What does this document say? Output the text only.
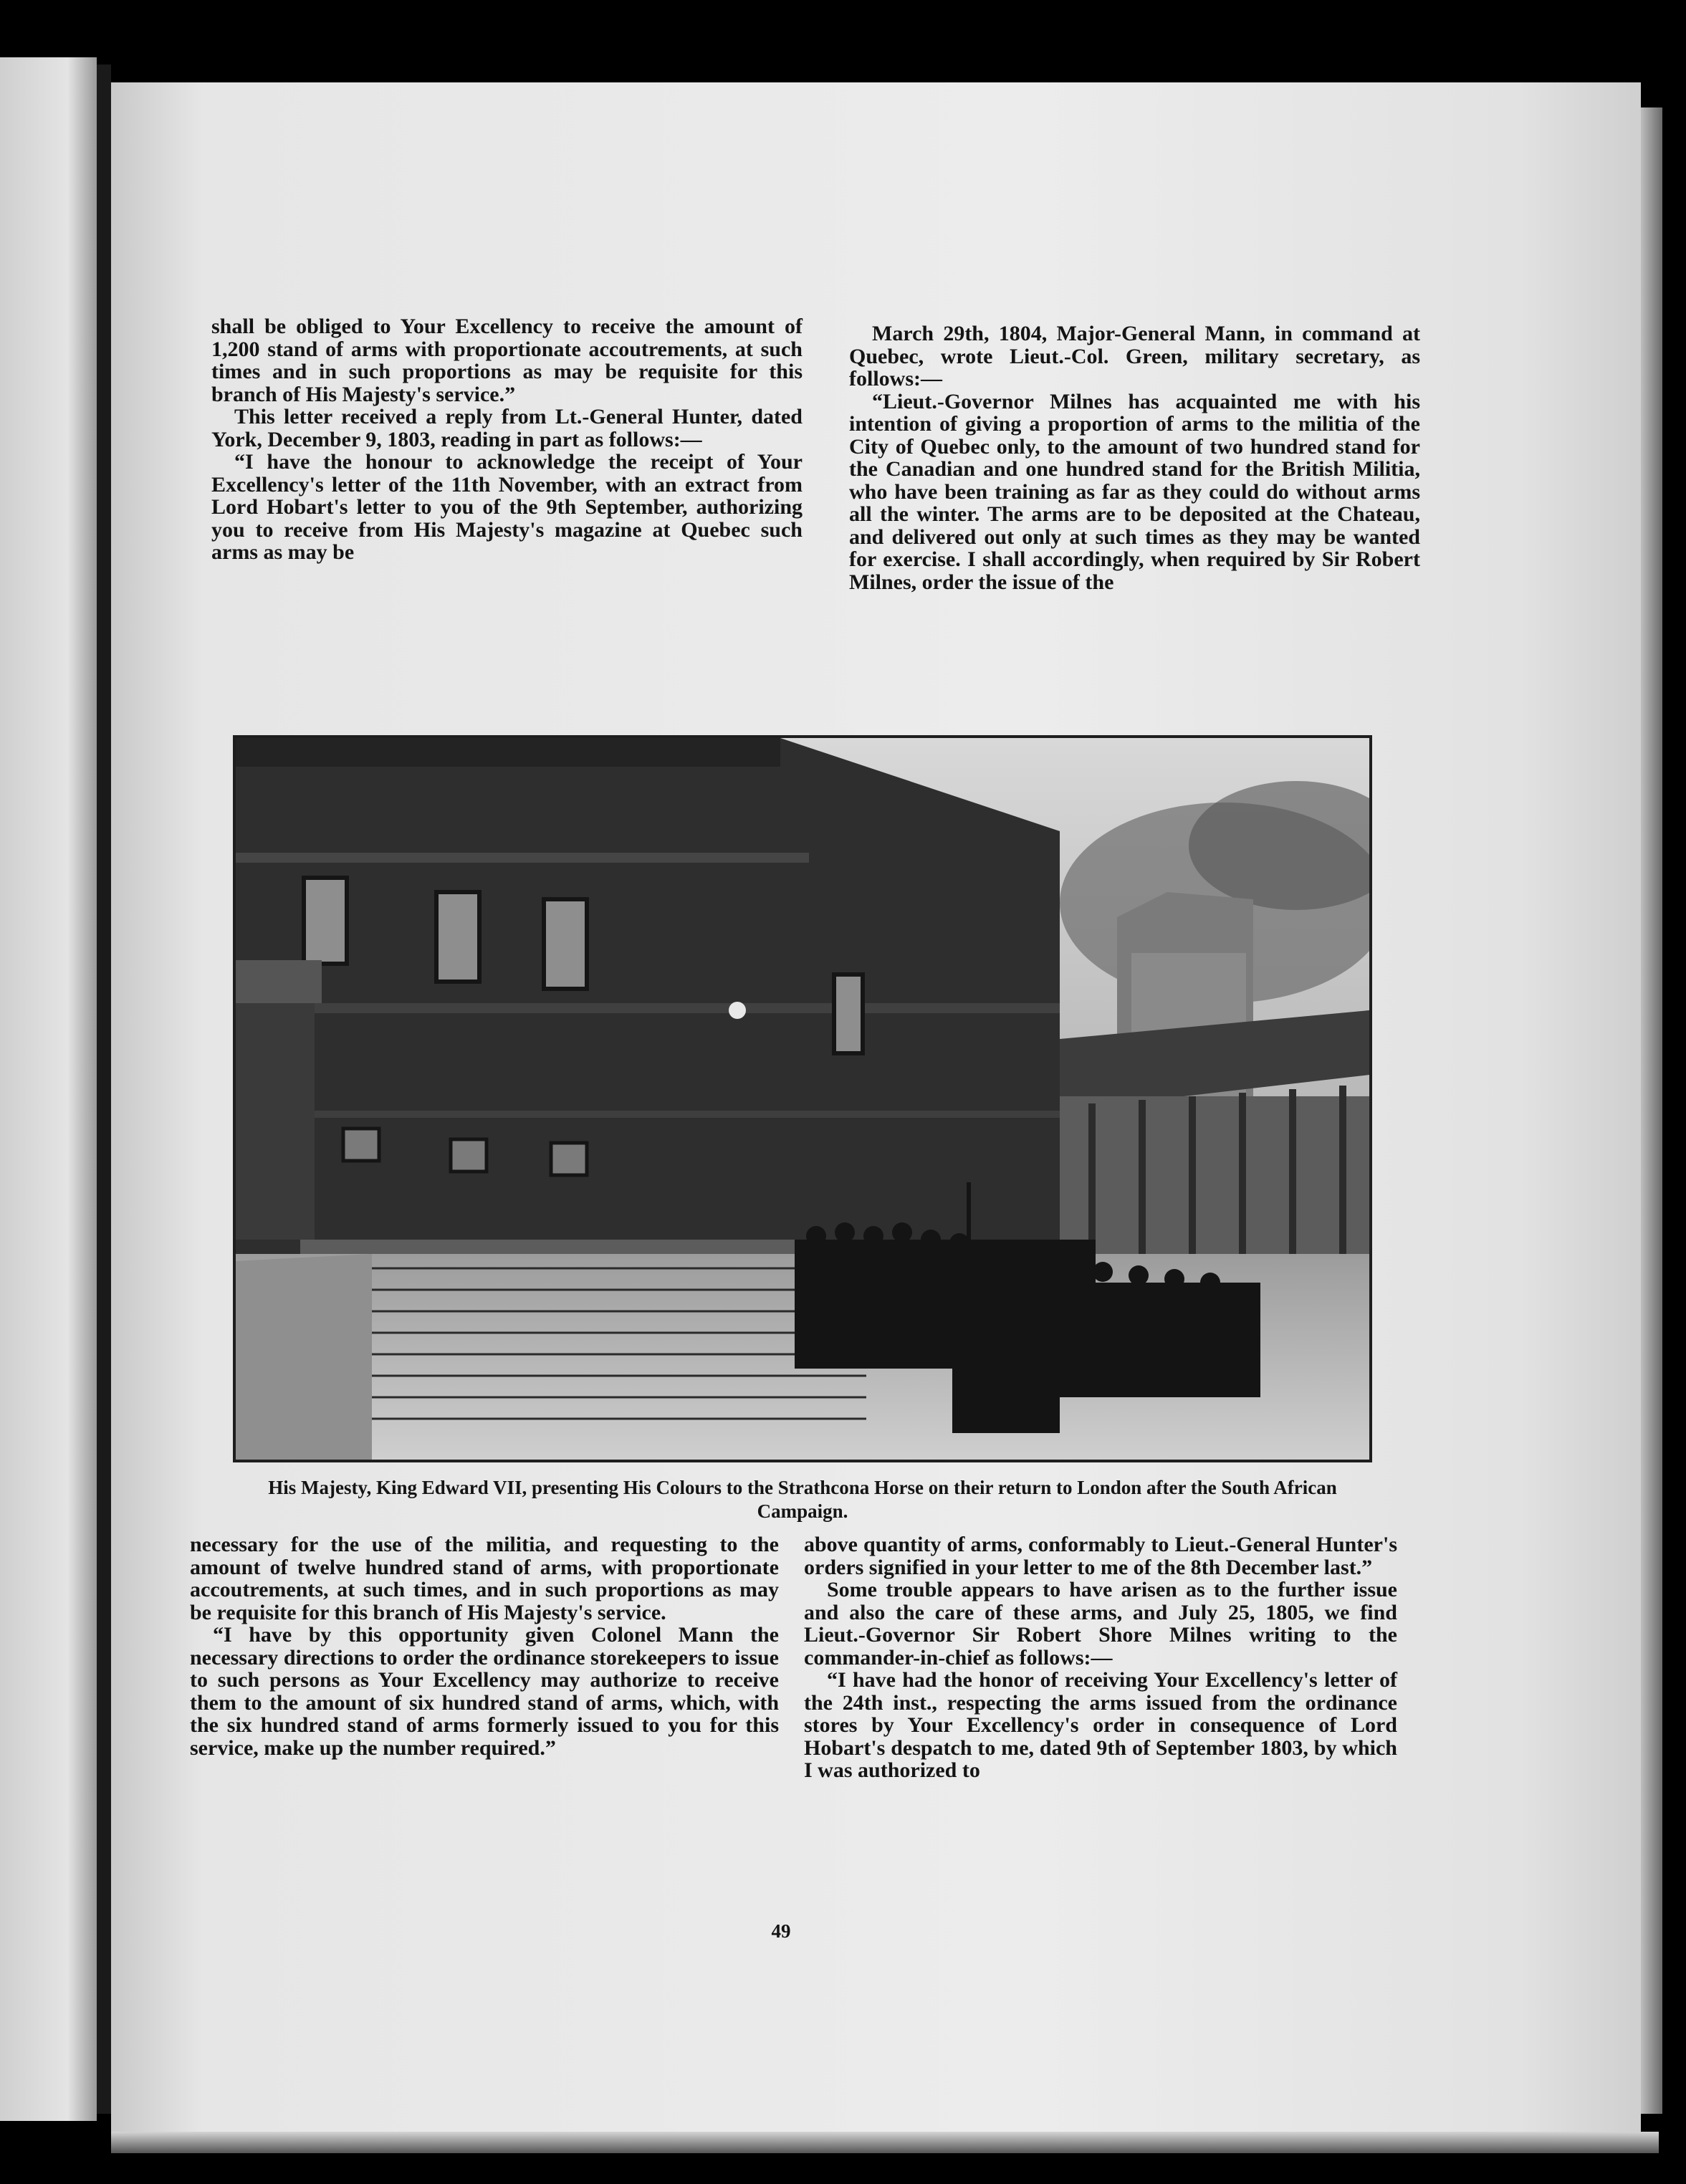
shall be obliged to Your Excellency to receive the amount of 1,200 stand of arms with proportionate accoutrements, at such times and in such proportions as may be requisite for this branch of His Majesty's service.”

This letter received a reply from Lt.-General Hunter, dated York, December 9, 1803, reading in part as follows:—

“I have the honour to acknowledge the receipt of Your Excellency's letter of the 11th November, with an extract from Lord Hobart's letter to you of the 9th September, authorizing you to receive from His Majesty's magazine at Quebec such arms as may be

March 29th, 1804, Major-General Mann, in command at Quebec, wrote Lieut.-Col. Green, military secretary, as follows:—

“Lieut.-Governor Milnes has acquainted me with his intention of giving a proportion of arms to the militia of the City of Quebec only, to the amount of two hundred stand for the Canadian and one hundred stand for the British Militia, who have been training as far as they could do without arms all the winter. The arms are to be deposited at the Chateau, and delivered out only at such times as they may be wanted for exercise. I shall accordingly, when required by Sir Robert Milnes, order the issue of the

His Majesty, King Edward VII, presenting His Colours to the Strathcona Horse on their return to London after the South African Campaign.

necessary for the use of the militia, and requesting to the amount of twelve hundred stand of arms, with proportionate accoutrements, at such times, and in such proportions as may be requisite for this branch of His Majesty's service.

“I have by this opportunity given Colonel Mann the necessary directions to order the ordinance storekeepers to issue to such persons as Your Excellency may authorize to receive them to the amount of six hundred stand of arms, which, with the six hundred stand of arms formerly issued to you for this service, make up the number required.”

above quantity of arms, conformably to Lieut.-General Hunter's orders signified in your letter to me of the 8th December last.”

Some trouble appears to have arisen as to the further issue and also the care of these arms, and July 25, 1805, we find Lieut.-Governor Sir Robert Shore Milnes writing to the commander-in-chief as follows:—

“I have had the honor of receiving Your Excellency's letter of the 24th inst., respecting the arms issued from the ordinance stores by Your Excellency's order in consequence of Lord Hobart's despatch to me, dated 9th of September 1803, by which I was authorized to

49
